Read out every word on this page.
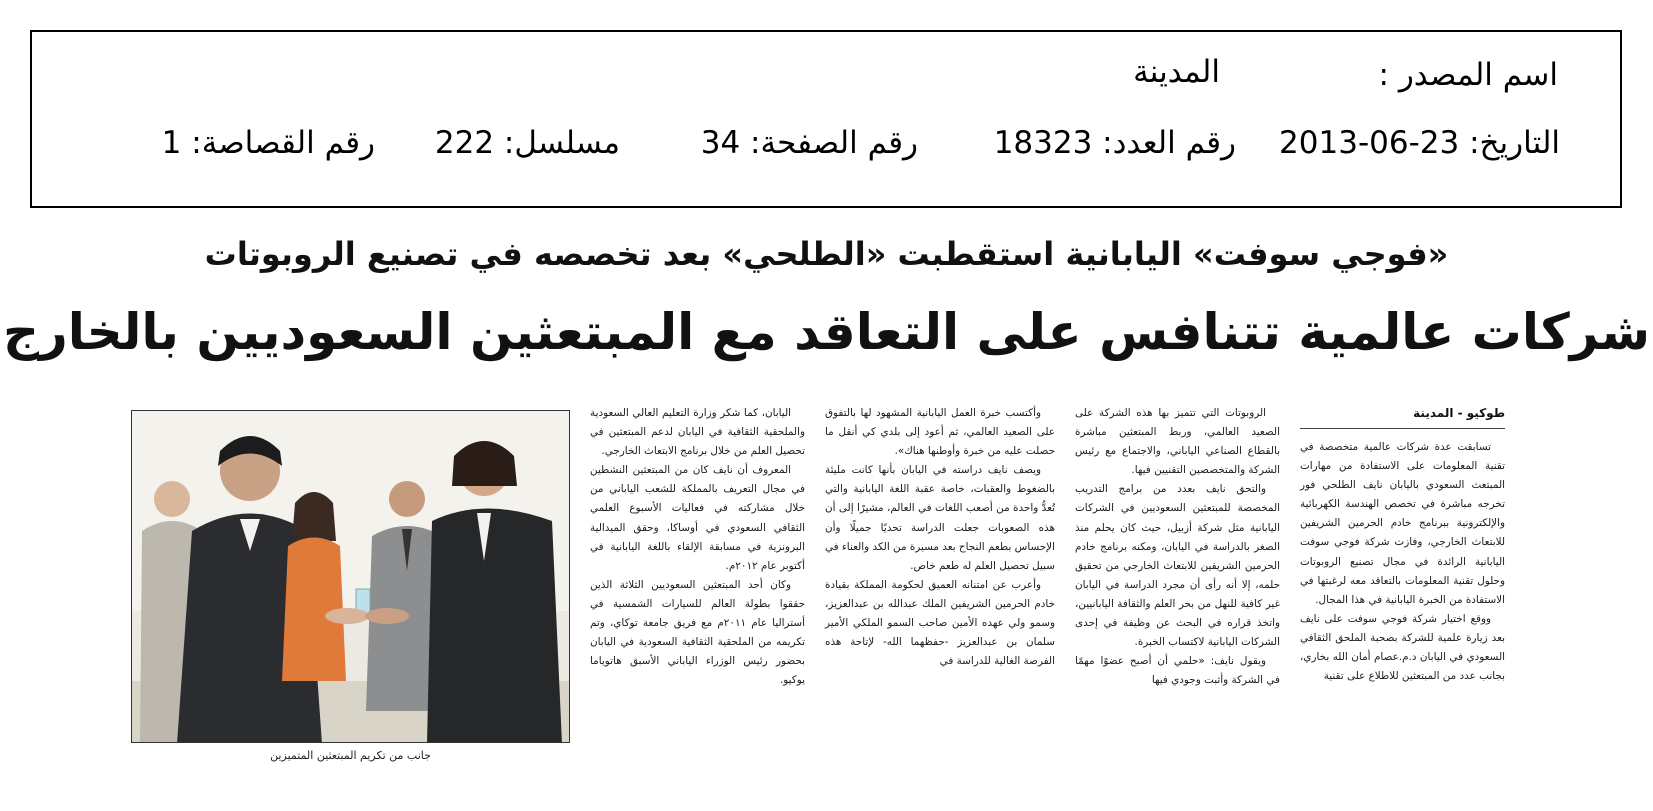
اسم المصدر :
المدينة
التاريخ: 23-06-2013
رقم العدد: 18323
رقم الصفحة: 34
مسلسل: 222
رقم القصاصة: 1
«فوجي سوفت» اليابانية استقطبت «الطلحي» بعد تخصصه في تصنيع الروبوتات
شركات عالمية تتنافس على التعاقد مع المبتعثين السعوديين بالخارج
طوكيو - المدينة

تسابقت عدة شركات عالمية متخصصة في تقنية المعلومات على الاستفادة من مهارات المبتعث السعودي باليابان نايف الطلحي فور تخرجه مباشرة في تخصص الهندسة الكهربائية والإلكترونية ببرنامج خادم الحرمين الشريفين للابتعاث الخارجي، وفازت شركة فوجي سوفت اليابانية الرائدة في مجال تصنيع الروبوتات وحلول تقنية المعلومات بالتعاقد معه لرغبتها في الاستفادة من الخبرة اليابانية في هذا المجال.

ووقع اختيار شركة فوجي سوفت على نايف بعد زيارة علمية للشركة بصحبة الملحق الثقافي السعودي في اليابان د.م.عصام أمان الله بخاري، بجانب عدد من المبتعثين للاطلاع على تقنية

الروبوتات التي تتميز بها هذه الشركة على الصعيد العالمي، وربط المبتعثين مباشرة بالقطاع الصناعي الياباني، والاجتماع مع رئيس الشركة والمتخصصين التقنيين فيها.

والتحق نايف بعدد من برامج التدريب المخصصة للمبتعثين السعوديين في الشركات اليابانية مثل شركة أزبيل، حيث كان يحلم منذ الصغر بالدراسة في اليابان، ومكنه برنامج خادم الحرمين الشريفين للابتعاث الخارجي من تحقيق حلمه، إلا أنه رأى أن مجرد الدراسة في اليابان غير كافية للنهل من بحر العلم والثقافة اليابانيين، واتخذ قراره في البحث عن وظيفة في إحدى الشركات اليابانية لاكتساب الخبرة.

ويقول نايف: «حلمي أن أصبح عضوًا مهمًا في الشركة وأثبت وجودي فيها

وأكتسب خبرة العمل اليابانية المشهود لها بالتفوق على الصعيد العالمي، ثم أعود إلى بلدي كي أنقل ما حصلت عليه من خبرة وأوطنها هناك».

ويصف نايف دراسته في اليابان بأنها كانت مليئة بالضغوط والعقبات، خاصة عقبة اللغة اليابانية والتي تُعدُّ واحدة من أصعب اللغات في العالم، مشيرًا إلى أن هذه الصعوبات جعلت الدراسة تحديًا جميلًا وأن الإحساس بطعم النجاح بعد مسيرة من الكد والعناء في سبيل تحصيل العلم له طعم خاص.

وأعرب عن امتنانه العميق لحكومة المملكة بقيادة خادم الحرمين الشريفين الملك عبدالله بن عبدالعزيز، وسمو ولي عهده الأمين صاحب السمو الملكي الأمير سلمان بن عبدالعزيز -حفظهما الله- لإتاحة هذه الفرصة الغالية للدراسة في

اليابان، كما شكر وزارة التعليم العالي السعودية والملحقية الثقافية في اليابان لدعم المبتعثين في تحصيل العلم من خلال برنامج الابتعاث الخارجي.

المعروف أن نايف كان من المبتعثين النشطين في مجال التعريف بالمملكة للشعب الياباني من خلال مشاركته في فعاليات الأسبوع العلمي الثقافي السعودي في أوساكا، وحقق الميدالية البرونزية في مسابقة الإلقاء باللغة اليابانية في أكتوبر عام ٢٠١٢م.

وكان أحد المبتعثين السعوديين الثلاثة الذين حققوا بطولة العالم للسيارات الشمسية في أستراليا عام ٢٠١١م مع فريق جامعة توكاي، وتم تكريمه من الملحقية الثقافية السعودية في اليابان بحضور رئيس الوزراء الياباني الأسبق هاتوياما يوكيو.

جانب من تكريم المبتعثين المتميزين
